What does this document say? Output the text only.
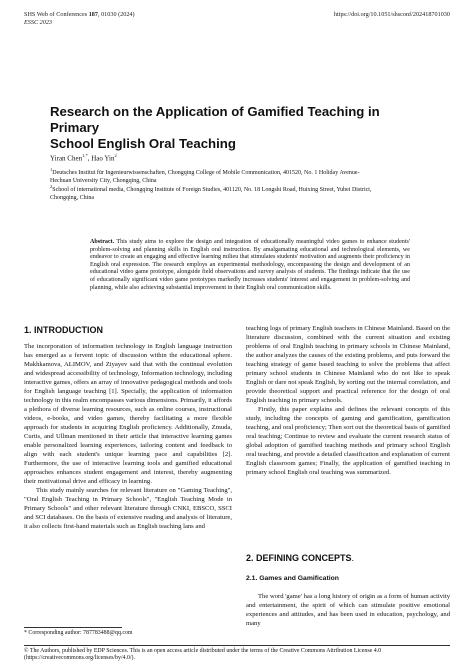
SHS Web of Conferences 187, 01030 (2024)
ESSC 2023
https://doi.org/10.1051/shsconf/202418701030
Research on the Application of Gamified Teaching in Primary
School English Oral Teaching
Yiran Chen$^{1,*}$, Hao Yin$^2$
$^1$Deutsches Institut für Ingenieurwissenschaften, Chongqing College of Mobile Communication, 401520, No. 1 Holiday Avenue-
Hechuan University City, Chongqing, China
$^2$School of international media, Chongqing Institute of Foreign Studies, 401120, No. 18 Longshi Road, Huixing Street, Yubei District,
Chongqing, China
Abstract. This study aims to explore the design and integration of educationally meaningful video games to enhance students' problem-solving and planning skills in English oral instruction. By amalgamating educational and technological elements, we endeavor to create an engaging and effective learning milieu that stimulates students' motivation and augments their proficiency in English oral expression. The research employs an experimental methodology, encompassing the design and development of an educational video game prototype, alongside field observations and survey analysis of students. The findings indicate that the use of educationally significant video game prototypes markedly increases students' interest and engagement in problem-solving and planning, while also achieving substantial improvement in their English oral communication skills.
1. INTRODUCTION

The incorporation of information technology in English language instruction has emerged as a fervent topic of discussion within the educational sphere. Makhkamova, ALIMOV, and Ziyayev said that with the continual evolution and widespread accessibility of technology, Information technology, including interactive games, offers an array of innovative pedagogical methods and tools for English language teaching [1]. Specially, the application of information technology in this realm encompasses various dimensions. Primarily, it affords a plethora of diverse learning resources, such as online courses, instructional videos, e-books, and video games, thereby facilitating a more flexible approach for students in acquiring English proficiency. Additionally, Zmuda, Curtis, and Ullman mentioned in their article that interactive learning games enable personalized learning experiences, tailoring content and feedback to align with each student's unique learning pace and capabilities [2]. Furthermore, the use of interactive learning tools and gamified educational approaches enhances student engagement and interest, thereby augmenting their motivational drive and efficacy in learning.

This study mainly searches for relevant literature on "Gaming Teaching", "Oral English Teaching in Primary Schools", "English Teaching Mode in Primary Schools" and other relevant literature through CNKI, EBSCO, SSCI and SCI databases. On the basis of extensive reading and analysis of literature, it also collects first-hand materials such as English teaching lans and

teaching logs of primary English teachers in Chinese Mainland. Based on the literature discussion, combined with the current situation and existing problems of oral English teaching in primary schools in Chinese Mainland, the author analyzes the causes of the existing problems, and puts forward the teaching strategy of game based teaching to solve the problems that affect primary school students in Chinese Mainland who do not like to speak English or dare not speak English, by sorting out the internal correlation, and provide theoretical support and practical reference for the design of oral English teaching in primary schools.

Firstly, this paper explains and defines the relevant concepts of this study, including the concepts of gaming and gamification, gamification teaching, and oral proficiency; Then sort out the theoretical basis of gamified oral teaching; Continue to review and evaluate the current research status of global adoption of gamified teaching methods and primary school English oral teaching, and provide a detailed classification and explanation of current English classroom games; Finally, the application of gamified teaching in primary school English oral teaching was summarized.

2. DEFINING CONCEPTS.
2.1. Games and Gamification
The word 'game' has a long history of origin as a form of human activity and entertainment, the spirit of which can stimulate positive emotional experiences and attitudes, and has been used in education, psychology, and many
* Corresponding author: 787783488@qq.com
© The Authors, published by EDP Sciences. This is an open access article distributed under the terms of the Creative Commons Attribution License 4.0
(https://creativecommons.org/licenses/by/4.0/).
